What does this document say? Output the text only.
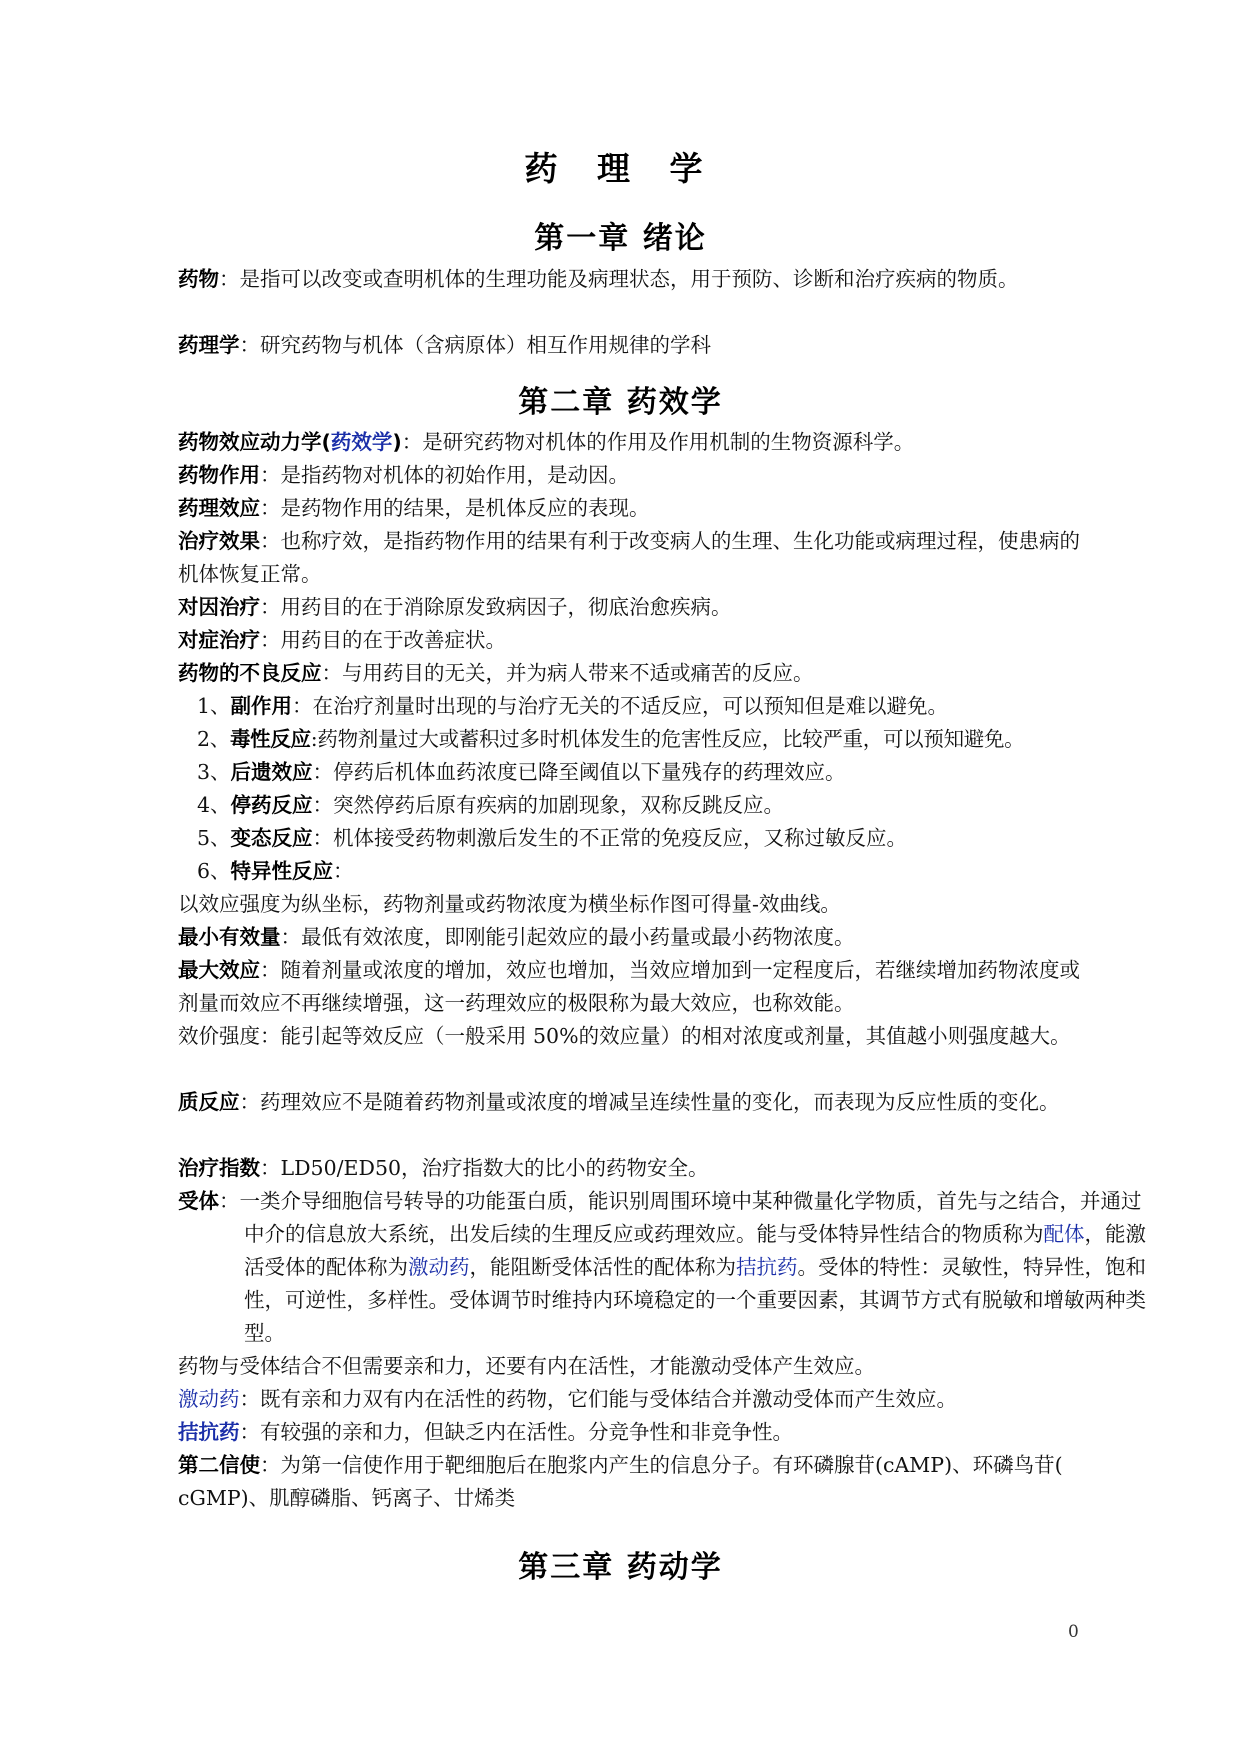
药 理 学
第一章 绪论
药物：是指可以改变或查明机体的生理功能及病理状态，用于预防、诊断和治疗疾病的物质。
药理学：研究药物与机体（含病原体）相互作用规律的学科
第二章 药效学
药物效应动力学(药效学)：是研究药物对机体的作用及作用机制的生物资源科学。
药物作用：是指药物对机体的初始作用，是动因。
药理效应：是药物作用的结果，是机体反应的表现。
治疗效果：也称疗效，是指药物作用的结果有利于改变病人的生理、生化功能或病理过程，使患病的机体恢复正常。
对因治疗：用药目的在于消除原发致病因子，彻底治愈疾病。
对症治疗：用药目的在于改善症状。
药物的不良反应：与用药目的无关，并为病人带来不适或痛苦的反应。
1、副作用：在治疗剂量时出现的与治疗无关的不适反应，可以预知但是难以避免。
2、毒性反应:药物剂量过大或蓄积过多时机体发生的危害性反应，比较严重，可以预知避免。
3、后遗效应：停药后机体血药浓度已降至阈值以下量残存的药理效应。
4、停药反应：突然停药后原有疾病的加剧现象，双称反跳反应。
5、变态反应：机体接受药物刺激后发生的不正常的免疫反应，又称过敏反应。
6、特异性反应：
以效应强度为纵坐标，药物剂量或药物浓度为横坐标作图可得量-效曲线。
最小有效量：最低有效浓度，即刚能引起效应的最小药量或最小药物浓度。
最大效应：随着剂量或浓度的增加，效应也增加，当效应增加到一定程度后，若继续增加药物浓度或剂量而效应不再继续增强，这一药理效应的极限称为最大效应，也称效能。
效价强度：能引起等效反应（一般采用 50%的效应量）的相对浓度或剂量，其值越小则强度越大。
质反应：药理效应不是随着药物剂量或浓度的增减呈连续性量的变化，而表现为反应性质的变化。
治疗指数：LD50/ED50，治疗指数大的比小的药物安全。
受体：一类介导细胞信号转导的功能蛋白质，能识别周围环境中某种微量化学物质，首先与之结合，并通过中介的信息放大系统，出发后续的生理反应或药理效应。能与受体特异性结合的物质称为配体，能激活受体的配体称为激动药，能阻断受体活性的配体称为拮抗药。受体的特性：灵敏性，特异性，饱和性，可逆性，多样性。受体调节时维持内环境稳定的一个重要因素，其调节方式有脱敏和增敏两种类型。
药物与受体结合不但需要亲和力，还要有内在活性，才能激动受体产生效应。
激动药：既有亲和力双有内在活性的药物，它们能与受体结合并激动受体而产生效应。
拮抗药：有较强的亲和力，但缺乏内在活性。分竞争性和非竞争性。
第二信使：为第一信使作用于靶细胞后在胞浆内产生的信息分子。有环磷腺苷(cAMP)、环磷鸟苷( cGMP)、肌醇磷脂、钙离子、廿烯类
第三章 药动学
0
